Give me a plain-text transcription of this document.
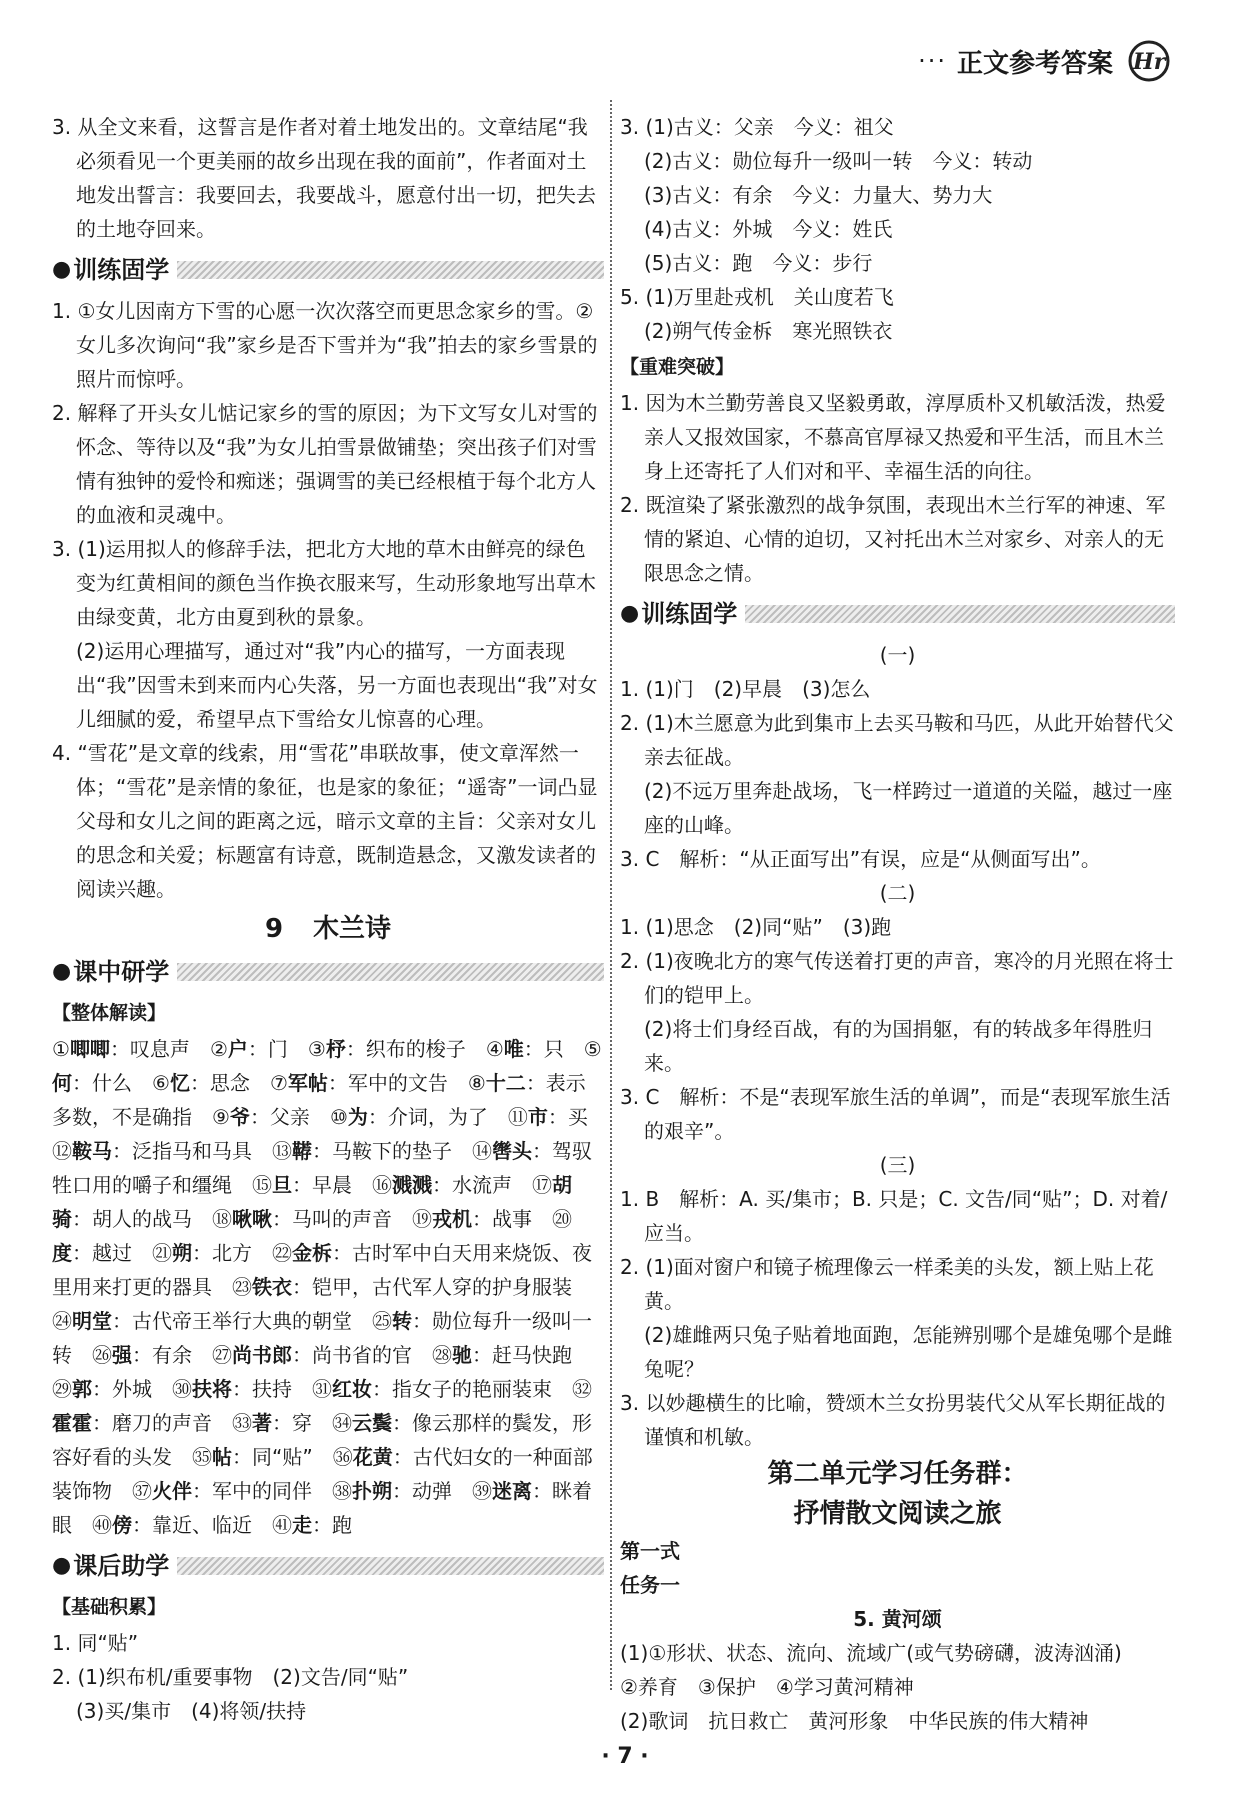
··· 正文参考答案 Hr

3. 从全文来看，这誓言是作者对着土地发出的。文章结尾“我必须看见一个更美丽的故乡出现在我的面前”，作者面对土地发出誓言：我要回去，我要战斗，愿意付出一切，把失去的土地夺回来。

● 训练固学

1. ①女儿因南方下雪的心愿一次次落空而更思念家乡的雪。②女儿多次询问“我”家乡是否下雪并为“我”拍去的家乡雪景的照片而惊呼。

2. 解释了开头女儿惦记家乡的雪的原因；为下文写女儿对雪的怀念、等待以及“我”为女儿拍雪景做铺垫；突出孩子们对雪情有独钟的爱怜和痴迷；强调雪的美已经根植于每个北方人的血液和灵魂中。

3. (1)运用拟人的修辞手法，把北方大地的草木由鲜亮的绿色变为红黄相间的颜色当作换衣服来写，生动形象地写出草木由绿变黄，北方由夏到秋的景象。

(2)运用心理描写，通过对“我”内心的描写，一方面表现出“我”因雪未到来而内心失落，另一方面也表现出“我”对女儿细腻的爱，希望早点下雪给女儿惊喜的心理。

4. “雪花”是文章的线索，用“雪花”串联故事，使文章浑然一体；“雪花”是亲情的象征，也是家的象征；“遥寄”一词凸显父母和女儿之间的距离之远，暗示文章的主旨：父亲对女儿的思念和关爱；标题富有诗意，既制造悬念，又激发读者的阅读兴趣。

9 木兰诗
● 课中研学
【整体解读】

①唧唧：叹息声　②户：门　③杼：织布的梭子　④唯：只　⑤何：什么　⑥忆：思念　⑦军帖：军中的文告　⑧十二：表示多数，不是确指　⑨爷：父亲　⑩为：介词，为了　⑪市：买　⑫鞍马：泛指马和马具　⑬鞯：马鞍下的垫子　⑭辔头：驾驭牲口用的嚼子和缰绳　⑮旦：早晨　⑯溅溅：水流声　⑰胡骑：胡人的战马　⑱啾啾：马叫的声音　⑲戎机：战事　⑳度：越过　㉑朔：北方　㉒金柝：古时军中白天用来烧饭、夜里用来打更的器具　㉓铁衣：铠甲，古代军人穿的护身服装　㉔明堂：古代帝王举行大典的朝堂　㉕转：勋位每升一级叫一转　㉖强：有余　㉗尚书郎：尚书省的官　㉘驰：赶马快跑　㉙郭：外城　㉚扶将：扶持　㉛红妆：指女子的艳丽装束　㉜霍霍：磨刀的声音　㉝著：穿　㉞云鬓：像云那样的鬓发，形容好看的头发　㉟帖：同“贴”　㊱花黄：古代妇女的一种面部装饰物　㊲火伴：军中的同伴　㊳扑朔：动弹　㊴迷离：眯着眼　㊵傍：靠近、临近　㊶走：跑

● 课后助学
【基础积累】

1. 同“贴”

2. (1)织布机/重要事物　(2)文告/同“贴”

(3)买/集市　(4)将领/扶持

3. (1)古义：父亲　今义：祖父

(2)古义：勋位每升一级叫一转　今义：转动

(3)古义：有余　今义：力量大、势力大

(4)古义：外城　今义：姓氏

(5)古义：跑　今义：步行

5. (1)万里赴戎机　关山度若飞

(2)朔气传金柝　寒光照铁衣

【重难突破】

1. 因为木兰勤劳善良又坚毅勇敢，淳厚质朴又机敏活泼，热爱亲人又报效国家，不慕高官厚禄又热爱和平生活，而且木兰身上还寄托了人们对和平、幸福生活的向往。

2. 既渲染了紧张激烈的战争氛围，表现出木兰行军的神速、军情的紧迫、心情的迫切，又衬托出木兰对家乡、对亲人的无限思念之情。

● 训练固学
(一)

1. (1)门　(2)早晨　(3)怎么

2. (1)木兰愿意为此到集市上去买马鞍和马匹，从此开始替代父亲去征战。

(2)不远万里奔赴战场，飞一样跨过一道道的关隘，越过一座座的山峰。

3. C　解析：“从正面写出”有误，应是“从侧面写出”。

(二)

1. (1)思念　(2)同“贴”　(3)跑

2. (1)夜晚北方的寒气传送着打更的声音，寒冷的月光照在将士们的铠甲上。

(2)将士们身经百战，有的为国捐躯，有的转战多年得胜归来。

3. C　解析：不是“表现军旅生活的单调”，而是“表现军旅生活的艰辛”。

(三)

1. B　解析：A. 买/集市；B. 只是；C. 文告/同“贴”；D. 对着/应当。

2. (1)面对窗户和镜子梳理像云一样柔美的头发，额上贴上花黄。

(2)雄雌两只兔子贴着地面跑，怎能辨别哪个是雄兔哪个是雌兔呢？

3. 以妙趣横生的比喻，赞颂木兰女扮男装代父从军长期征战的谨慎和机敏。

第二单元学习任务群：
抒情散文阅读之旅
第一式
任务一
5. 黄河颂

(1)①形状、状态、流向、流域广(或气势磅礴，波涛汹涌)

②养育　③保护　④学习黄河精神

(2)歌词　抗日救亡　黄河形象　中华民族的伟大精神

· 7 ·
